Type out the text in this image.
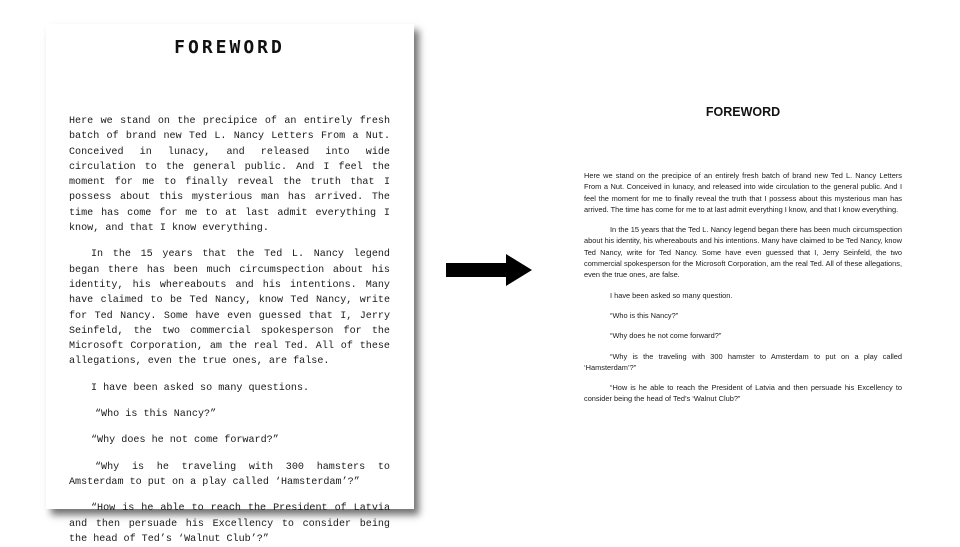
FOREWORD

Here we stand on the precipice of an entirely fresh batch of brand new Ted L. Nancy Letters From a Nut. Conceived in lunacy, and released into wide circulation to the general public. And I feel the moment for me to finally reveal the truth that I possess about this mysterious man has arrived. The time has come for me to at last admit everything I know, and that I know everything.

In the 15 years that the Ted L. Nancy legend began there has been much circumspection about his identity, his whereabouts and his intentions. Many have claimed to be Ted Nancy, know Ted Nancy, write for Ted Nancy. Some have even guessed that I, Jerry Seinfeld, the two commercial spokesperson for the Microsoft Corporation, am the real Ted. All of these allegations, even the true ones, are false.

I have been asked so many questions.

“Who is this Nancy?”

“Why does he not come forward?”

“Why is he traveling with 300 hamsters to Amsterdam to put on a play called ‘Hamsterdam’?”

“How is he able to reach the President of Latvia and then persuade his Excellency to consider being the head of Ted’s ‘Walnut Club’?”

FOREWORD

Here we stand on the precipice of an entirely fresh batch of brand new Ted L. Nancy Letters From a Nut. Conceived in lunacy, and released into wide circulation to the general public. And I feel the moment for me to finally reveal the truth that I possess about this mysterious man has arrived. The time has come for me to at last admit everything I know, and that I know everything.

In the 15 years that the Ted L. Nancy legend began there has been much circumspection about his identity, his whereabouts and his intentions. Many have claimed to be Ted Nancy, know Ted Nancy, write for Ted Nancy. Some have even guessed that I, Jerry Seinfeld, the two commercial spokesperson for the Microsoft Corporation, am the real Ted. All of these allegations, even the true ones, are false.

I have been asked so many question.

“Who is this Nancy?”

“Why does he not come forward?”

“Why is the traveling with 300 hamster to Amsterdam to put on a play called ‘Hamsterdam’?”

“How is he able to reach the President of Latvia and then persuade his Excellency to consider being the head of Ted’s ‘Walnut Club?”
